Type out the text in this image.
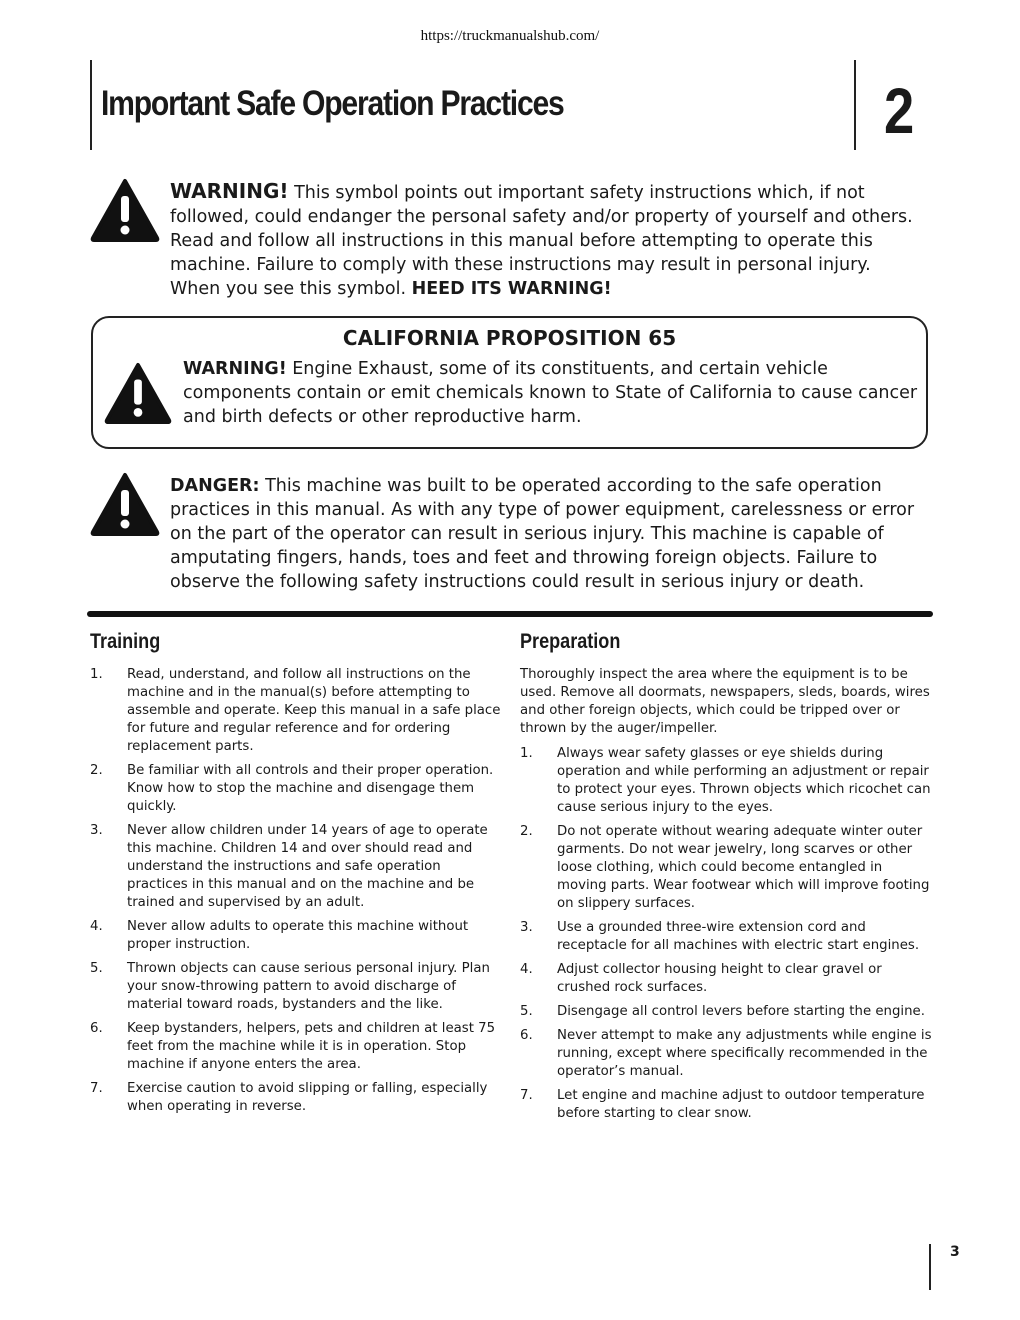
https://truckmanualshub.com/
Important Safe Operation Practices	2
WARNING! This symbol points out important safety instructions which, if not followed, could endanger the personal safety and/or property of yourself and others. Read and follow all instructions in this manual before attempting to operate this machine. Failure to comply with these instructions may result in personal injury.
When you see this symbol. HEED ITS WARNING!
CALIFORNIA PROPOSITION 65
WARNING! Engine Exhaust, some of its constituents, and certain vehicle components contain or emit chemicals known to State of California to cause cancer and birth defects or other reproductive harm.
DANGER: This machine was built to be operated according to the safe operation practices in this manual. As with any type of power equipment, carelessness or error on the part of the operator can result in serious injury. This machine is capable of amputating fingers, hands, toes and feet and throwing foreign objects. Failure to observe the following safety instructions could result in serious injury or death.
Training
1. Read, understand, and follow all instructions on the machine and in the manual(s) before attempting to assemble and operate. Keep this manual in a safe place for future and regular reference and for ordering replacement parts.
2. Be familiar with all controls and their proper operation. Know how to stop the machine and disengage them quickly.
3. Never allow children under 14 years of age to operate this machine. Children 14 and over should read and understand the instructions and safe operation practices in this manual and on the machine and be trained and supervised by an adult.
4. Never allow adults to operate this machine without proper instruction.
5. Thrown objects can cause serious personal injury. Plan your snow-throwing pattern to avoid discharge of material toward roads, bystanders and the like.
6. Keep bystanders, helpers, pets and children at least 75 feet from the machine while it is in operation. Stop machine if anyone enters the area.
7. Exercise caution to avoid slipping or falling, especially when operating in reverse.
Preparation

Thoroughly inspect the area where the equipment is to be used. Remove all doormats, newspapers, sleds, boards, wires and other foreign objects, which could be tripped over or thrown by the auger/impeller.

1. Always wear safety glasses or eye shields during operation and while performing an adjustment or repair to protect your eyes. Thrown objects which ricochet can cause serious injury to the eyes.
2. Do not operate without wearing adequate winter outer garments. Do not wear jewelry, long scarves or other loose clothing, which could become entangled in moving parts. Wear footwear which will improve footing on slippery surfaces.
3. Use a grounded three-wire extension cord and receptacle for all machines with electric start engines.
4. Adjust collector housing height to clear gravel or crushed rock surfaces.
5. Disengage all control levers before starting the engine.
6. Never attempt to make any adjustments while engine is running, except where specifically recommended in the operator’s manual.
7. Let engine and machine adjust to outdoor temperature before starting to clear snow.
3
